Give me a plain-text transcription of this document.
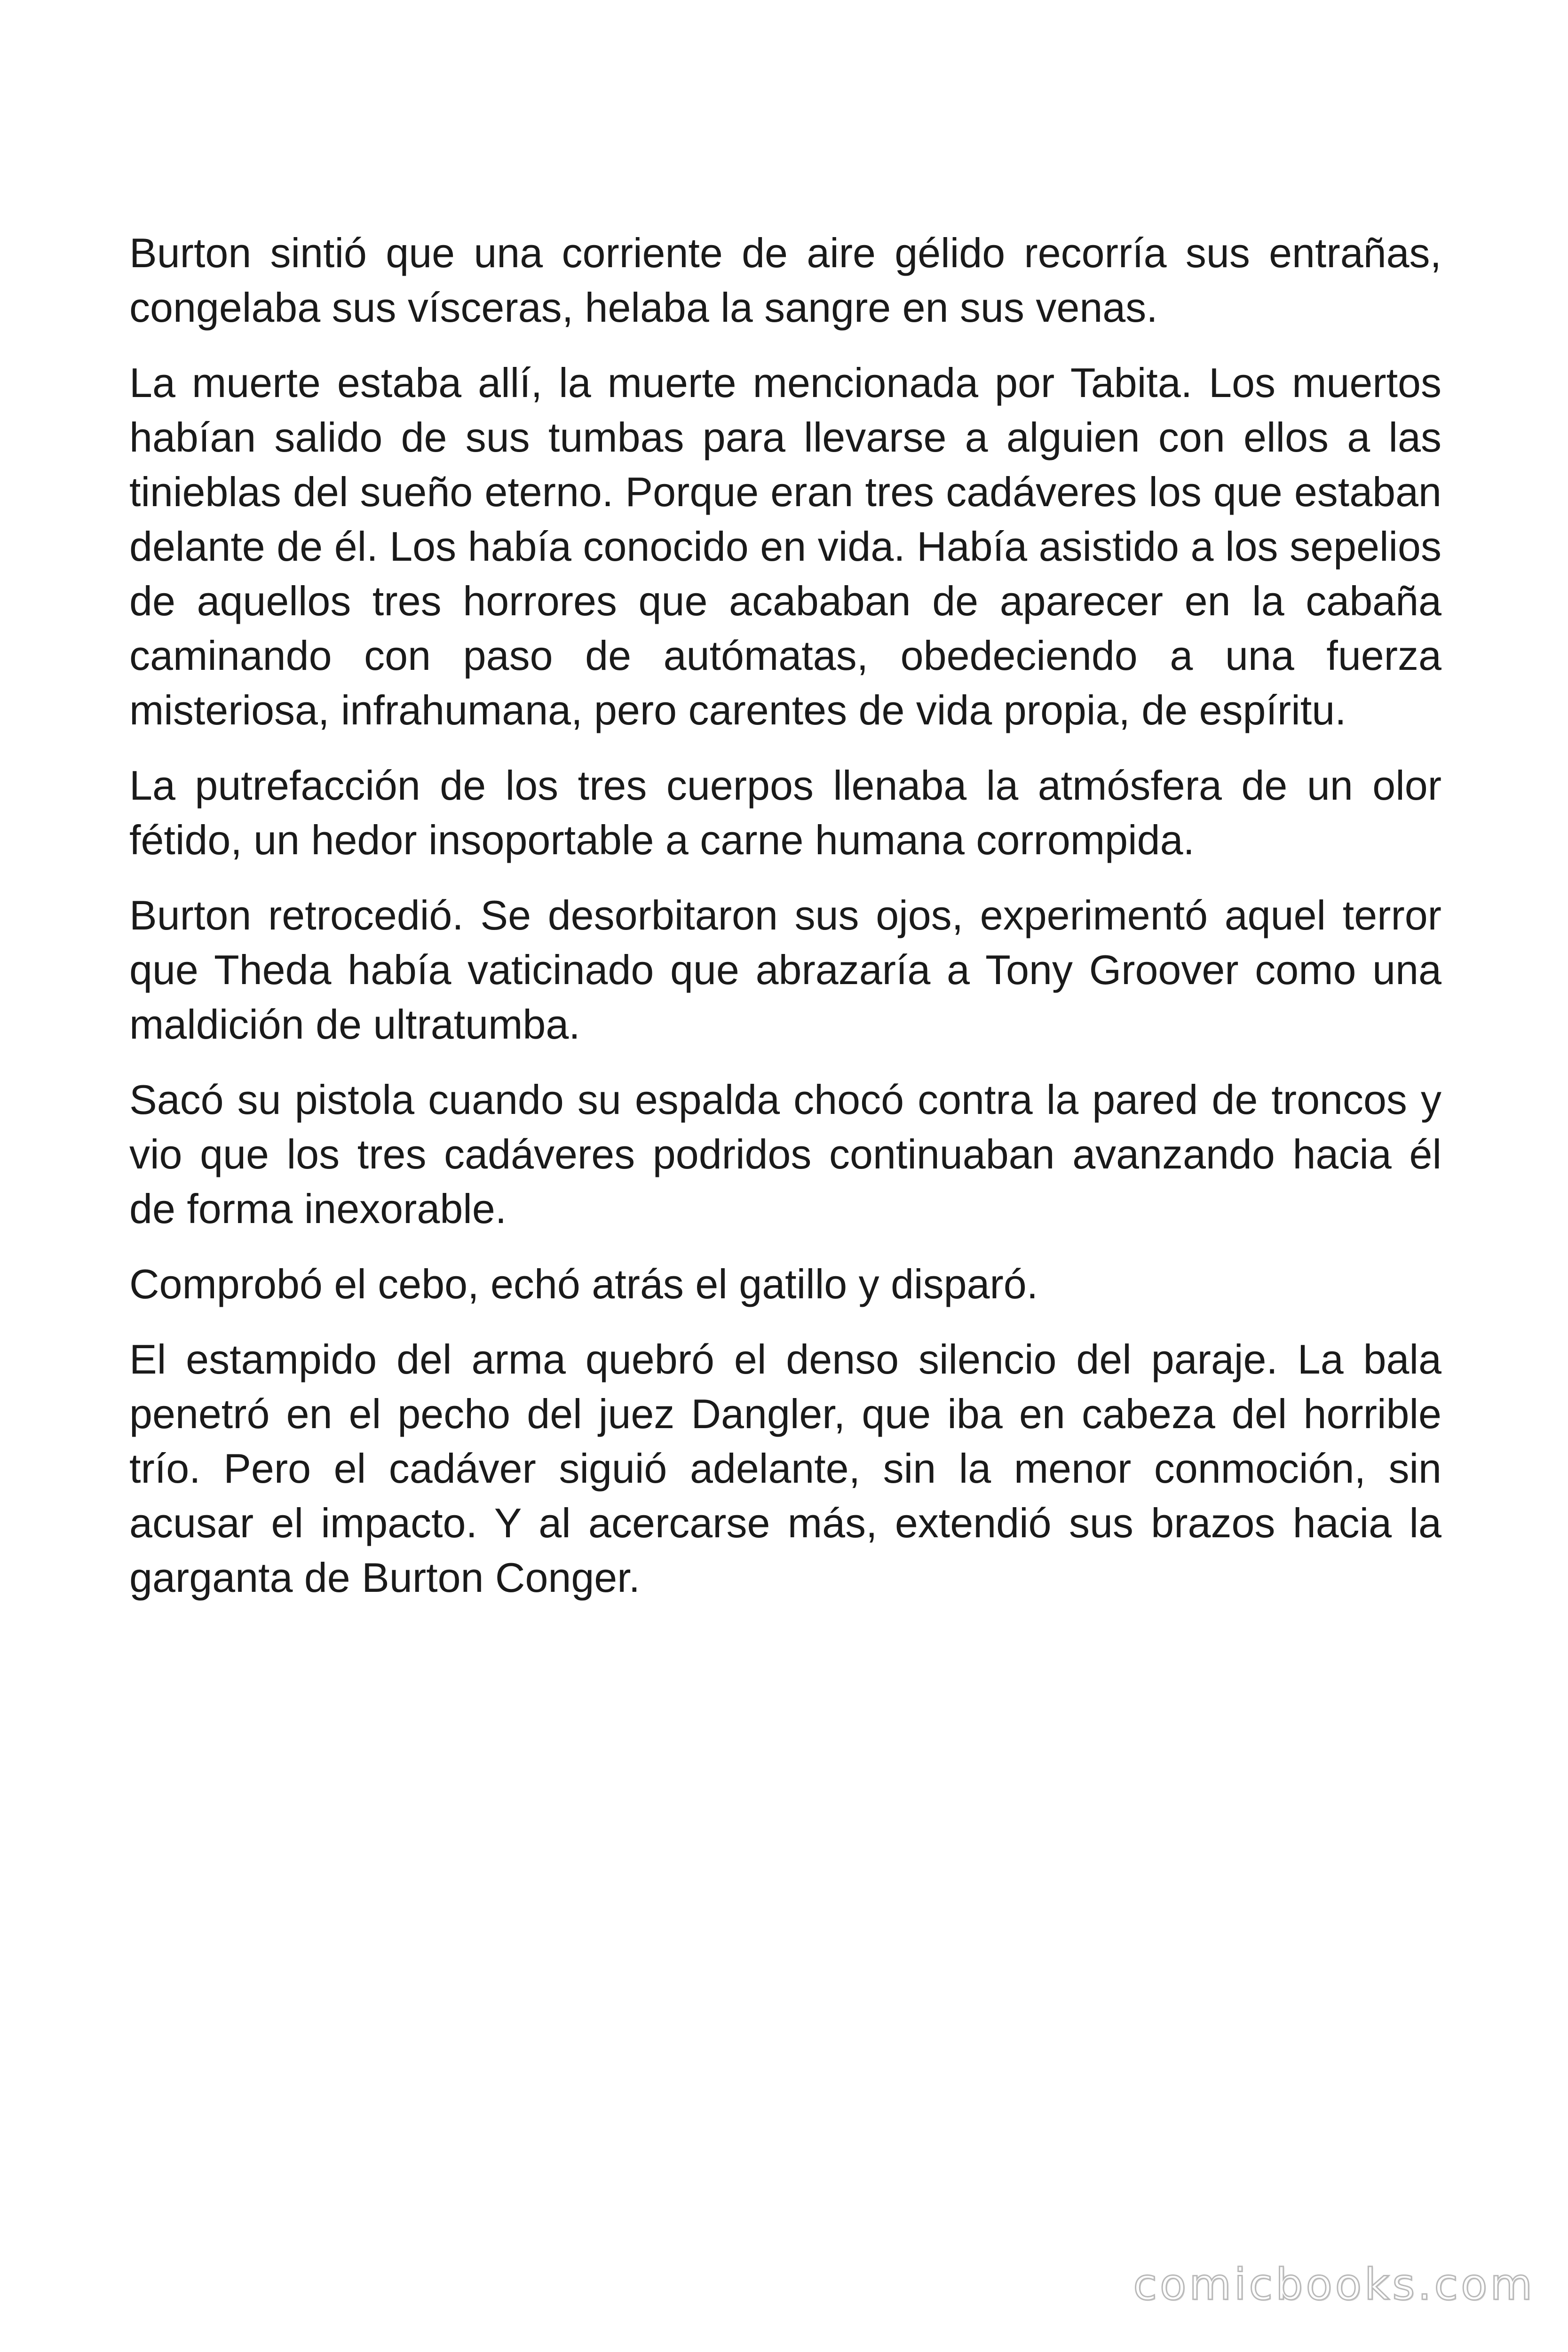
Burton sintió que una corriente de aire gélido recorría sus entrañas, congelaba sus vísceras, helaba la sangre en sus venas.

La muerte estaba allí, la muerte mencionada por Tabita. Los muertos habían salido de sus tumbas para llevarse a alguien con ellos a las tinieblas del sueño eterno. Porque eran tres cadáveres los que estaban delante de él. Los había conocido en vida. Había asistido a los sepelios de aquellos tres horrores que acababan de aparecer en la cabaña caminando con paso de autómatas, obedeciendo a una fuerza misteriosa, infrahumana, pero carentes de vida propia, de espíritu.

La putrefacción de los tres cuerpos llenaba la atmósfera de un olor fétido, un hedor insoportable a carne humana corrompida.

Burton retrocedió. Se desorbitaron sus ojos, experimentó aquel terror que Theda había vaticinado que abrazaría a Tony Groover como una maldición de ultratumba.

Sacó su pistola cuando su espalda chocó contra la pared de troncos y vio que los tres cadáveres podridos continuaban avanzando hacia él de forma inexorable.

Comprobó el cebo, echó atrás el gatillo y disparó.

El estampido del arma quebró el denso silencio del paraje. La bala penetró en el pecho del juez Dangler, que iba en cabeza del horrible trío. Pero el cadáver siguió adelante, sin la menor conmoción, sin acusar el impacto. Y al acercarse más, extendió sus brazos hacia la garganta de Burton Conger.

comicbooks.com
